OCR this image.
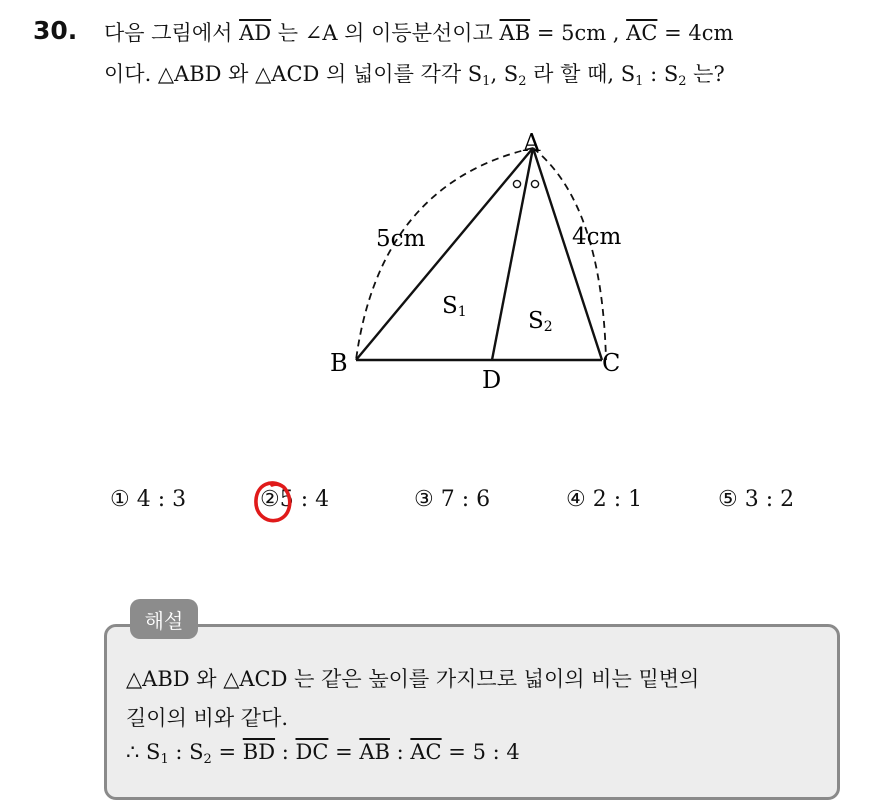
30. 다음 그림에서 $\overline{AD}$ 는 ∠A 의 이등분선이고 $\overline{AB} = 5cm$ , $\overline{AC} = 4cm$
이다. △ABD 와 △ACD 의 넓이를 각각 $S_1$, $S_2$ 라 할 때, $S_1$ : $S_2$ 는?
A
B	C
D
5cm	4cm
S1	S2
① 4 : 3	②5 : 4	③ 7 : 6	④ 2 : 1	⑤ 3 : 2
해설
△ABD 와 △ACD 는 같은 높이를 가지므로 넓이의 비는 밑변의
길이의 비와 같다.
∴ $S_1$ : $S_2 = \overline{BD}$ : $\overline{DC} = \overline{AB}$ : $\overline{AC} = 5$ : 4
